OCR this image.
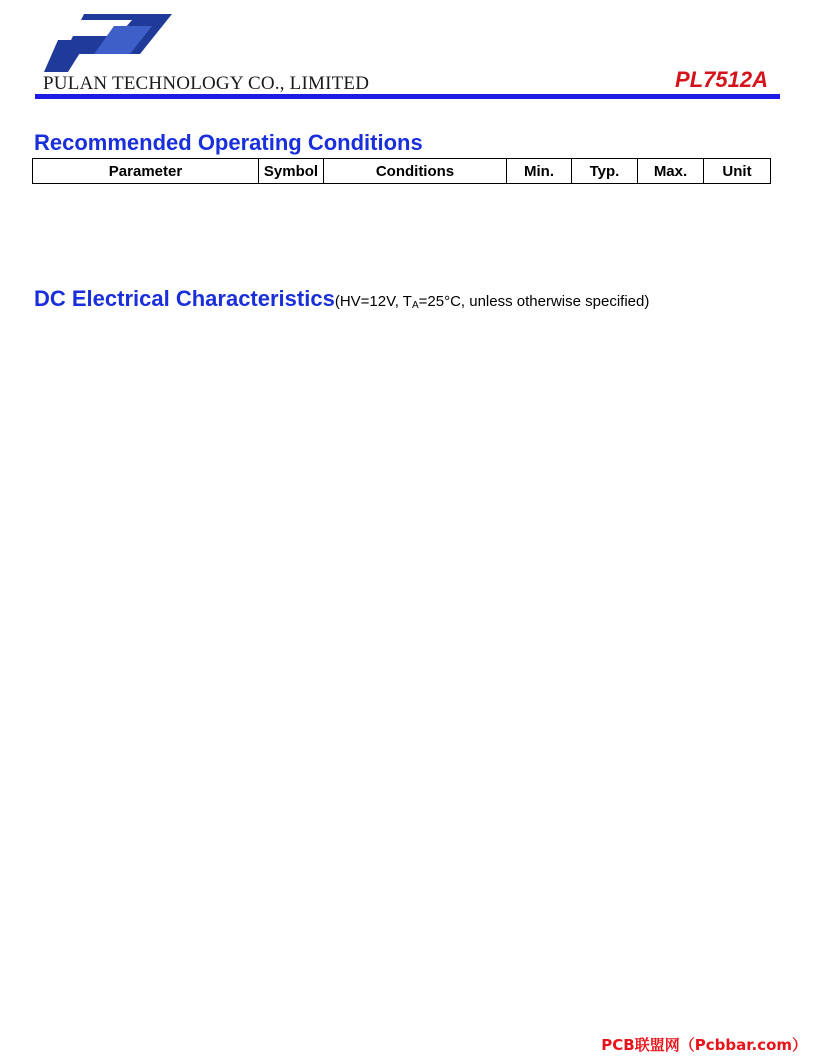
PULAN TECHNOLOGY CO., LIMITED	PL7512A
Recommended Operating Conditions
Parameter	Symbol	Conditions	Min.	Typ.	Max.	Unit
DC Electrical Characteristics(HV=12V, $T_A=25^\circ C$, unless otherwise specified)
PCB联盟网（Pcbbar.com）
